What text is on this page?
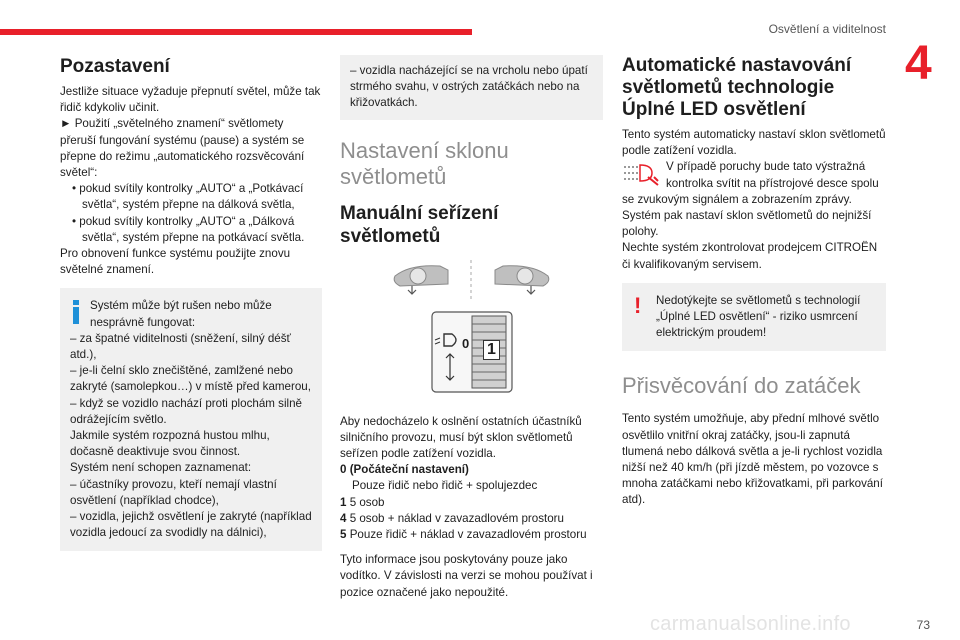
Osvětlení a viditelnost
4
Pozastavení

Jestliže situace vyžaduje přepnutí světel, může tak řidič kdykoliv učinit.

► Použití „světelného znamení“ světlomety přeruší fungování systému (pause) a systém se přepne do režimu „automatického rozsvěcování světel“:

• pokud svítily kontrolky „AUTO“ a „Potkávací světla“, systém přepne na dálková světla,

• pokud svítily kontrolky „AUTO“ a „Dálková světla“, systém přepne na potkávací světla.

Pro obnovení funkce systému použijte znovu světelné znamení.

Systém může být rušen nebo může nesprávně fungovat:

– za špatné viditelnosti (sněžení, silný déšť atd.),

– je-li čelní sklo znečištěné, zamlžené nebo zakryté (samolepkou…) v místě před kamerou,

– když se vozidlo nachází proti plochám silně odrážejícím světlo.

Jakmile systém rozpozná hustou mlhu, dočasně deaktivuje svou činnost.

Systém není schopen zaznamenat:

– účastníky provozu, kteří nemají vlastní osvětlení (například chodce),

– vozidla, jejichž osvětlení je zakryté (například vozidla jedoucí za svodidly na dálnici),

– vozidla nacházející se na vrcholu nebo úpatí strmého svahu, v ostrých zatáčkách nebo na křižovatkách.

Nastavení sklonu světlometů
Manuální seřízení světlometů
0 1

Aby nedocházelo k oslnění ostatních účastníků silničního provozu, musí být sklon světlometů seřízen podle zatížení vozidla.

0 (Počáteční nastavení)

Pouze řidič nebo řidič + spolujezdec

1 5 osob

4 5 osob + náklad v zavazadlovém prostoru

5 Pouze řidič + náklad v zavazadlovém prostoru

Tyto informace jsou poskytovány pouze jako vodítko. V závislosti na verzi se mohou používat i pozice označené jako nepoužité.

Automatické nastavování světlometů technologie Úplné LED osvětlení

Tento systém automaticky nastaví sklon světlometů podle zatížení vozidla.

V případě poruchy bude tato výstražná kontrolka svítit na přístrojové desce spolu se zvukovým signálem a zobrazením zprávy.

Systém pak nastaví sklon světlometů do nejnižší polohy.

Nechte systém zkontrolovat prodejcem CITROËN či kvalifikovaným servisem.

! Nedotýkejte se světlometů s technologií „Úplné LED osvětlení“ - riziko usmrcení elektrickým proudem!

Přisvěcování do zatáček

Tento systém umožňuje, aby přední mlhové světlo osvětlilo vnitřní okraj zatáčky, jsou-li zapnutá tlumená nebo dálková světla a je-li rychlost vozidla nižší než 40 km/h (při jízdě městem, po vozovce s mnoha zatáčkami nebo křižovatkami, při parkování atd).

carmanualsonline.info	73
